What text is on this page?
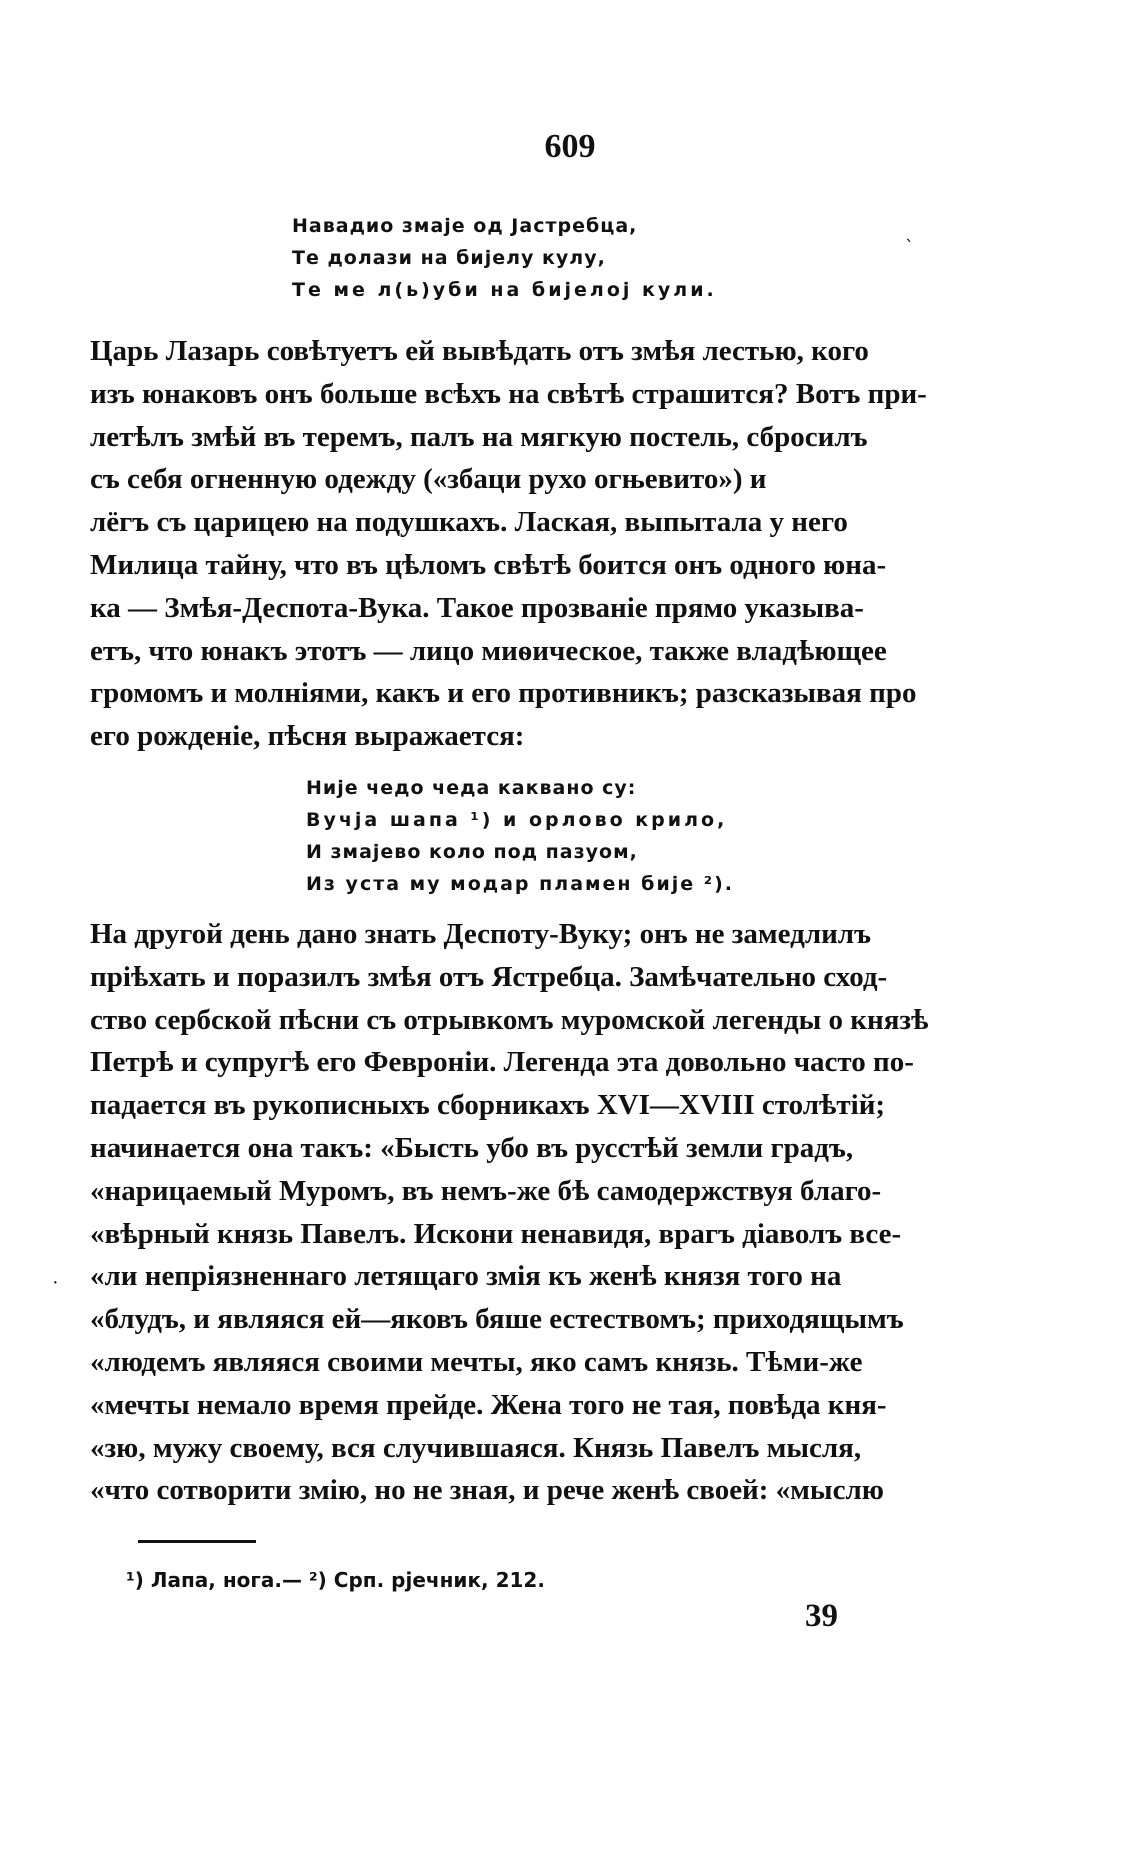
609
Навадио змаје од Јастребца,
Те долази на бијелу кулу,
Те ме л(ь)уби на бијелој кули.
ˎ
Царь Лазарь совѣтуетъ ей вывѣдать отъ змѣя лестью, кого
изъ юнаковъ онъ больше всѣхъ на свѣтѣ страшится? Вотъ при-
летѣлъ змѣй въ теремъ, палъ на мягкую постель, сбросилъ
съ себя огненную одежду («збаци рухо огњевито») и
лёгъ съ царицею на подушкахъ. Лаская, выпытала у него
Милица тайну, что въ цѣломъ свѣтѣ боится онъ одного юна-
ка — Змѣя-Деспота-Вука. Такое прозваніе прямо указыва-
етъ, что юнакъ этотъ — лицо миѳическое, также владѣющее
громомъ и молніями, какъ и его противникъ; разсказывая про
его рожденіе, пѣсня выражается:
Није чедо чеда каквано су:
Вучја шапа ¹) и орлово крило,
И змајево коло под пазуом,
Из уста му модар пламен бије ²).
На другой день дано знать Деспоту-Вуку; онъ не замедлилъ
пріѣхать и поразилъ змѣя отъ Ястребца. Замѣчательно сход-
ство сербской пѣсни съ отрывкомъ муромской легенды о князѣ
Петрѣ и супругѣ его Февроніи. Легенда эта довольно часто по-
падается въ рукописныхъ сборникахъ XVI—XVIII столѣтій;
начинается она такъ: «Бысть убо въ русстѣй земли градъ,
«нарицаемый Муромъ, въ немъ-же бѣ самодержствуя благо-
«вѣрный князь Павелъ. Искони ненавидя, врагъ діаволъ все-
«ли непріязненнаго летящаго змія къ женѣ князя того на
«блудъ, и являяся ей—яковъ бяше естествомъ; приходящымъ
«людемъ являяся своими мечты, яко самъ князь. Тѣми-же
«мечты немало время прейде. Жена того не тая, повѣда кня-
«зю, мужу своему, вся случившаяся. Князь Павелъ мысля,
«что сотворити змію, но не зная, и рече женѣ своей: «мыслю
·
¹) Лапа, нога.— ²) Срп. рјечник, 212.
39
